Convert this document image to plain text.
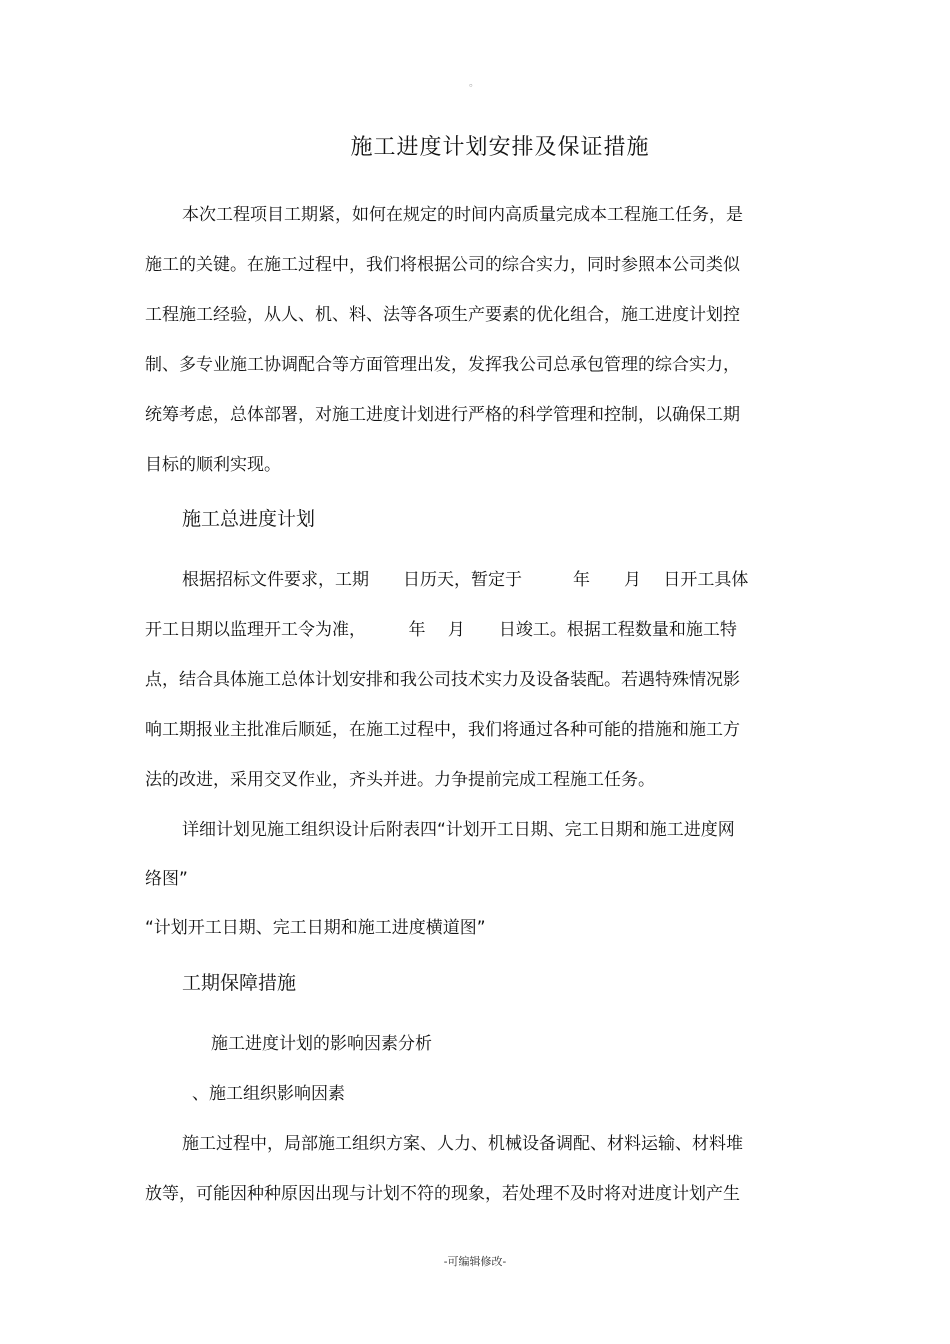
。
施工进度计划安排及保证措施
本次工程项目工期紧，如何在规定的时间内高质量完成本工程施工任务，是
施工的关键。在施工过程中，我们将根据公司的综合实力，同时参照本公司类似
工程施工经验，从人、机、料、法等各项生产要素的优化组合，施工进度计划控
制、多专业施工协调配合等方面管理出发，发挥我公司总承包管理的综合实力，
统筹考虑，总体部署，对施工进度计划进行严格的科学管理和控制，以确保工期
目标的顺利实现。
施工总进度计划
根据招标文件要求，工期　　日历天，暂定于　　　年　　月　 日开工具体
开工日期以监理开工令为准，　　　年　 月　　日竣工。根据工程数量和施工特
点，结合具体施工总体计划安排和我公司技术实力及设备装配。若遇特殊情况影
响工期报业主批准后顺延，在施工过程中，我们将通过各种可能的措施和施工方
法的改进，采用交叉作业，齐头并进。力争提前完成工程施工任务。
详细计划见施工组织设计后附表四“计划开工日期、完工日期和施工进度网
络图”
“计划开工日期、完工日期和施工进度横道图”
工期保障措施
施工进度计划的影响因素分析
、施工组织影响因素
施工过程中，局部施工组织方案、人力、机械设备调配、材料运输、材料堆
放等，可能因种种原因出现与计划不符的现象，若处理不及时将对进度计划产生
-可编辑修改-
